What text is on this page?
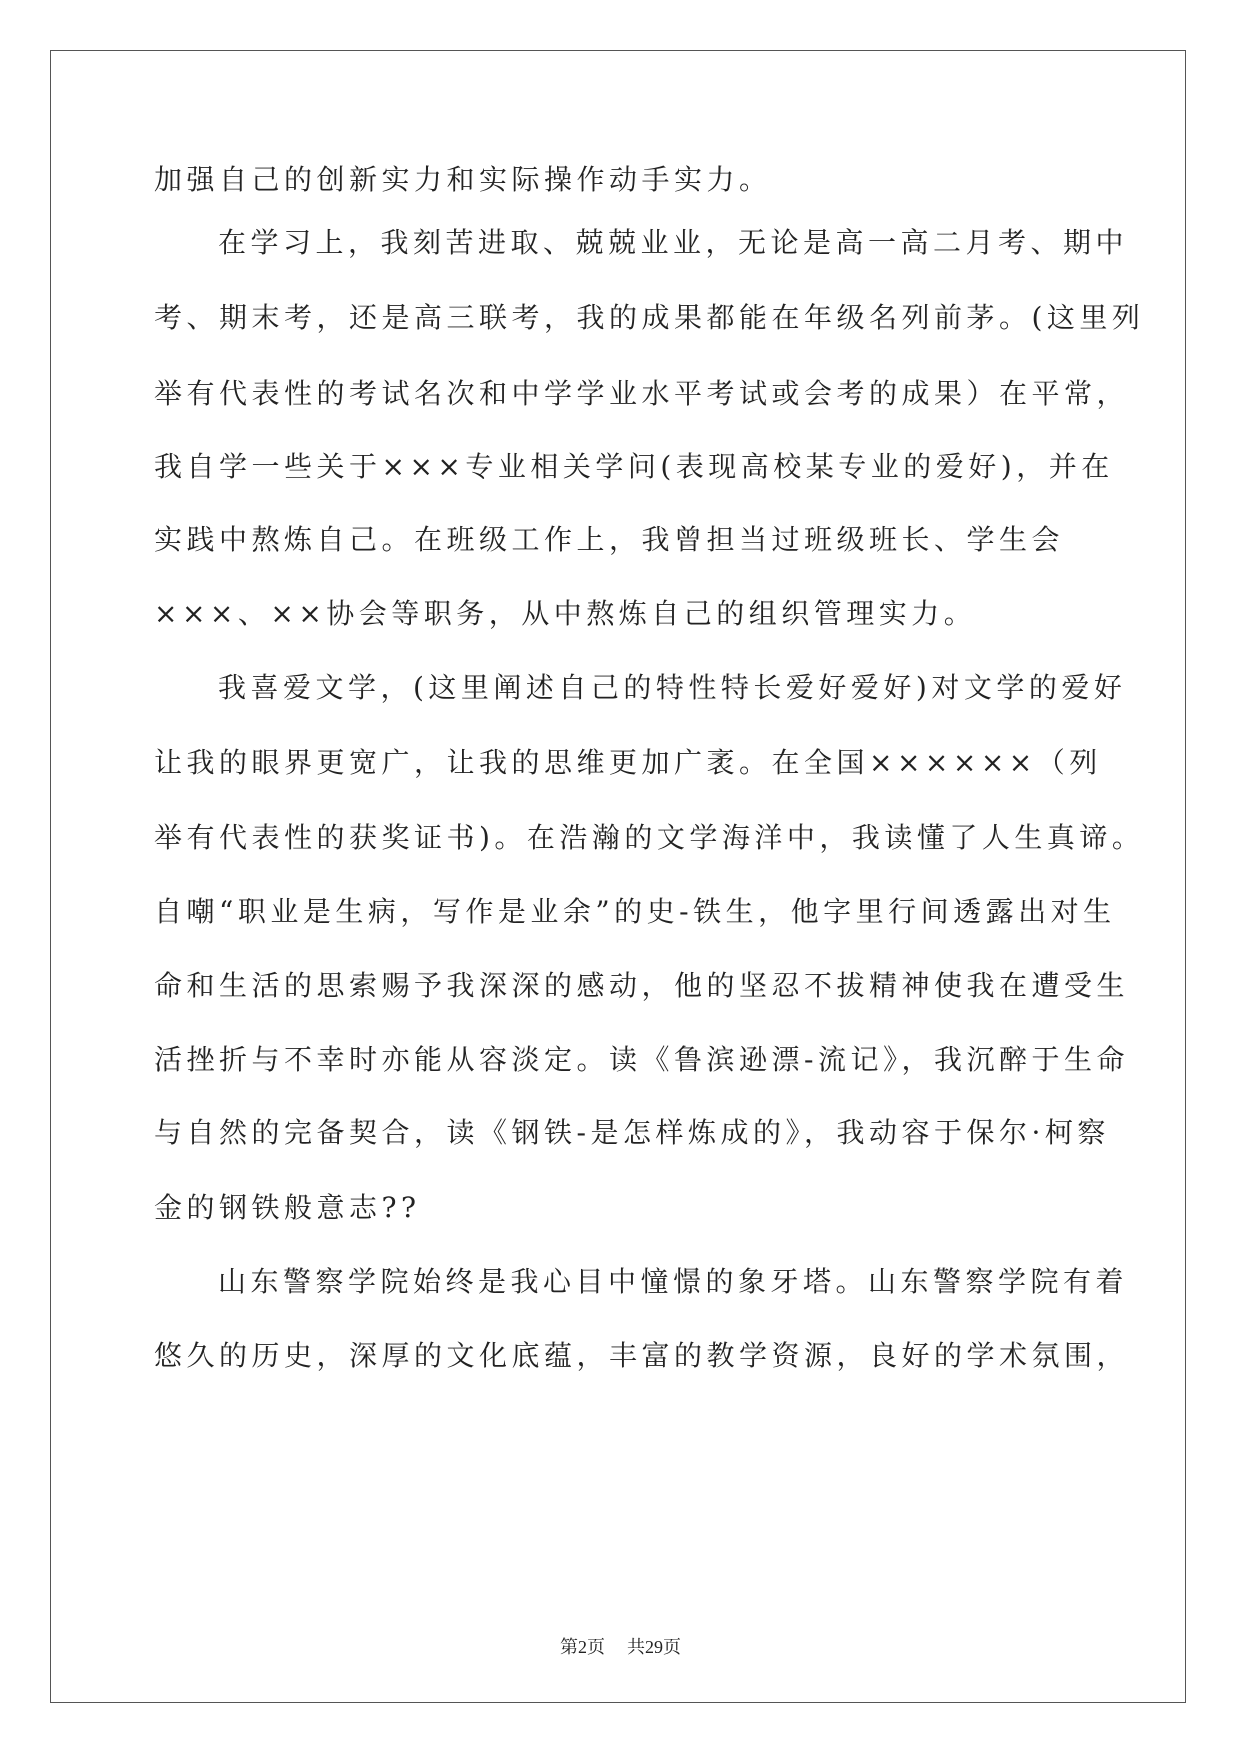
加强自己的创新实力和实际操作动手实力。
在学习上，我刻苦进取、兢兢业业，无论是高一高二月考、期中
考、期末考，还是高三联考，我的成果都能在年级名列前茅。(这里列
举有代表性的考试名次和中学学业水平考试或会考的成果）在平常，
我自学一些关于×××专业相关学问(表现高校某专业的爱好)，并在
实践中熬炼自己。在班级工作上，我曾担当过班级班长、学生会
×××、××协会等职务，从中熬炼自己的组织管理实力。
我喜爱文学，(这里阐述自己的特性特长爱好爱好)对文学的爱好
让我的眼界更宽广，让我的思维更加广袤。在全国××××××（列
举有代表性的获奖证书)。在浩瀚的文学海洋中，我读懂了人生真谛。
自嘲“职业是生病，写作是业余”的史-铁生，他字里行间透露出对生
命和生活的思索赐予我深深的感动，他的坚忍不拔精神使我在遭受生
活挫折与不幸时亦能从容淡定。读《鲁滨逊漂-流记》，我沉醉于生命
与自然的完备契合，读《钢铁-是怎样炼成的》，我动容于保尔·柯察
金的钢铁般意志??
山东警察学院始终是我心目中憧憬的象牙塔。山东警察学院有着
悠久的历史，深厚的文化底蕴，丰富的教学资源，良好的学术氛围，
第2页 共29页
